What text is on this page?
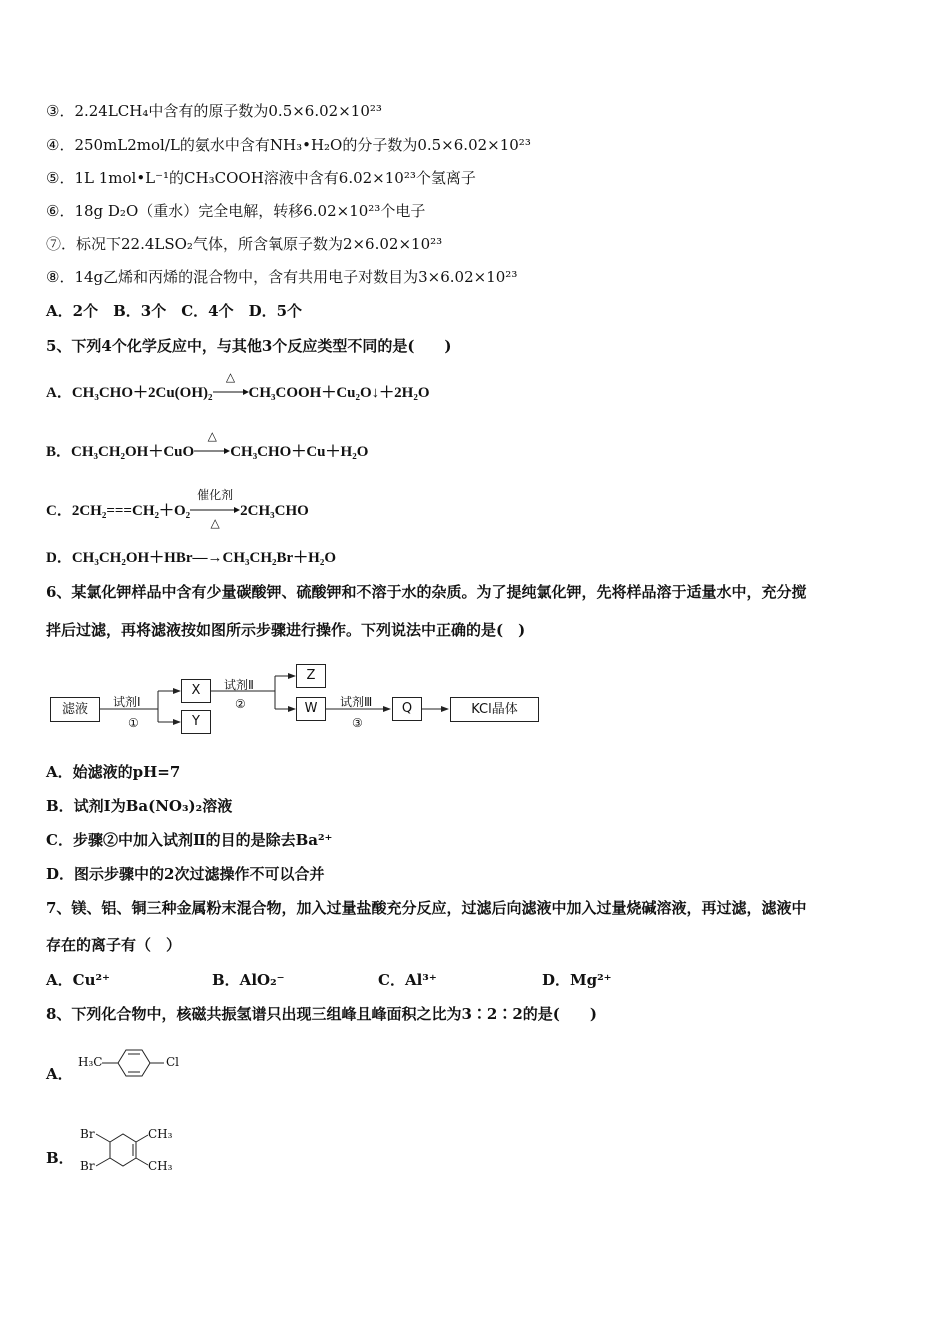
③．2.24LCH₄中含有的原子数为0.5×6.02×10²³
④．250mL2mol/L的氨水中含有NH₃•H₂O的分子数为0.5×6.02×10²³
⑤．1L 1mol•L⁻¹的CH₃COOH溶液中含有6.02×10²³个氢离子
⑥．18g D₂O（重水）完全电解，转移6.02×10²³个电子
⑦．标况下22.4LSO₂气体，所含氧原子数为2×6.02×10²³
⑧．14g乙烯和丙烯的混合物中，含有共用电子对数目为3×6.02×10²³
A．2个　B．3个　C．4个　D．5个
5、下列4个化学反应中，与其他3个反应类型不同的是(　　)
A．CH₃CHO＋2Cu(OH)₂
△
CH₃COOH＋Cu₂O↓＋2H₂O
B．CH₃CH₂OH＋CuO
△
CH₃CHO＋Cu＋H₂O
C．2CH₂===CH₂＋O₂
催化剂
△
2CH₃CHO
D．CH₃CH₂OH＋HBr—→CH₃CH₂Br＋H₂O
6、某氯化钾样品中含有少量碳酸钾、硫酸钾和不溶于水的杂质。为了提纯氯化钾，先将样品溶于适量水中，充分搅
拌后过滤，再将滤液按如图所示步骤进行操作。下列说法中正确的是(　)
滤液	试剂Ⅰ
①
X
Y
试剂Ⅱ
②
Z
W	试剂Ⅲ
③
Q	KCl晶体
A．始滤液的pH=7
B．试剂Ⅰ为Ba(NO₃)₂溶液
C．步骤②中加入试剂Ⅱ的目的是除去Ba²⁺
D．图示步骤中的2次过滤操作不可以合并
7、镁、铝、铜三种金属粉末混合物，加入过量盐酸充分反应，过滤后向滤液中加入过量烧碱溶液，再过滤，滤液中
存在的离子有（　）
A．Cu²⁺	B．AlO₂⁻	C．Al³⁺	D．Mg²⁺
8、下列化合物中，核磁共振氢谱只出现三组峰且峰面积之比为3∶2∶2的是(　　)
A．
H₃C	Cl
B．
Br
Br
CH₃
CH₃
